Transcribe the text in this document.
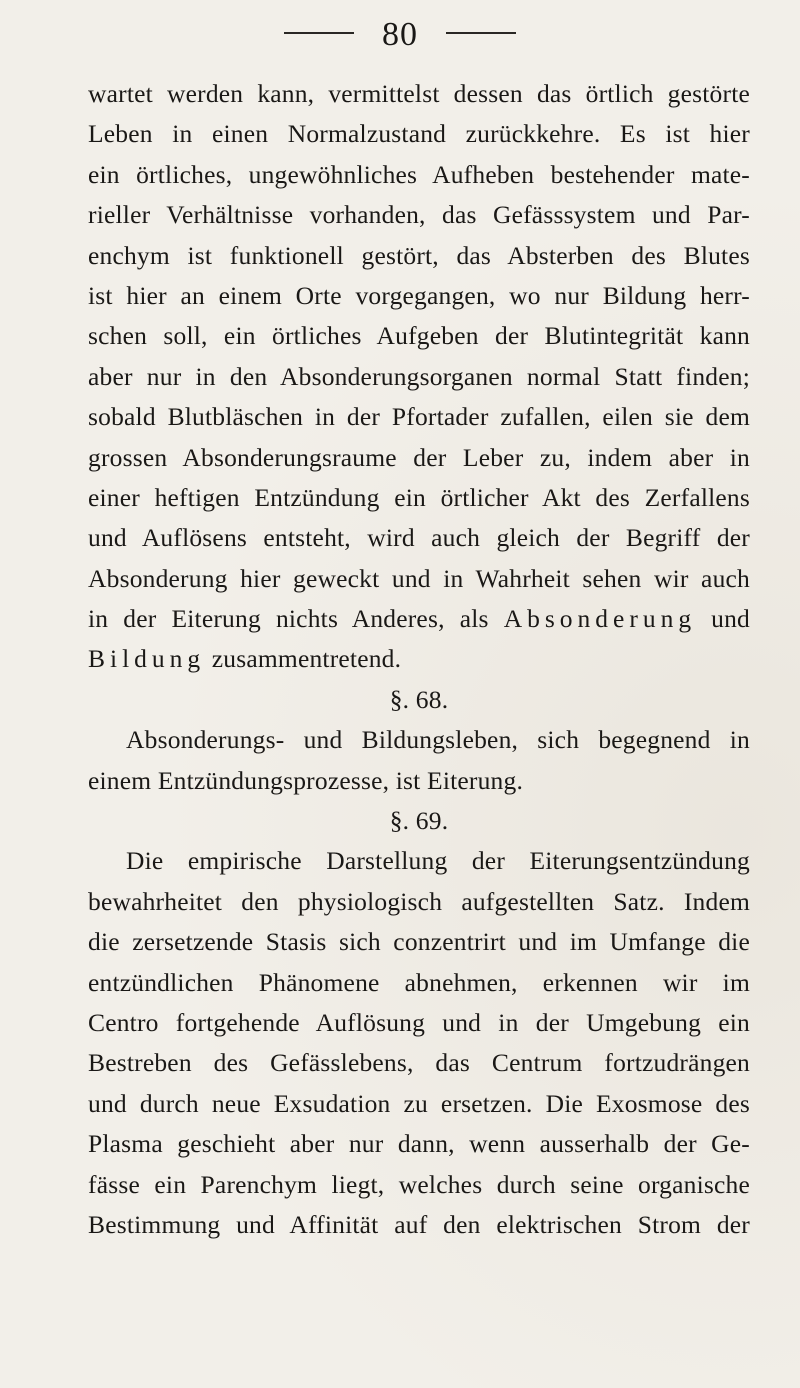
80
wartet werden kann, vermittelst dessen das örtlich gestörte
Leben in einen Normalzustand zurückkehre. Es ist hier
ein örtliches, ungewöhnliches Aufheben bestehender mate-
rieller Verhältnisse vorhanden, das Gefässsystem und Par-
enchym ist funktionell gestört, das Absterben des Blutes
ist hier an einem Orte vorgegangen, wo nur Bildung herr-
schen soll, ein örtliches Aufgeben der Blutintegrität kann
aber nur in den Absonderungsorganen normal Statt finden;
sobald Blutbläschen in der Pfortader zufallen, eilen sie dem
grossen Absonderungsraume der Leber zu, indem aber in
einer heftigen Entzündung ein örtlicher Akt des Zerfallens
und Auflösens entsteht, wird auch gleich der Begriff der
Absonderung hier geweckt und in Wahrheit sehen wir auch
in der Eiterung nichts Anderes, als Absonderung und
Bildung zusammentretend.
§. 68.
Absonderungs- und Bildungsleben, sich begegnend in
einem Entzündungsprozesse, ist Eiterung.
§. 69.
Die empirische Darstellung der Eiterungsentzündung
bewahrheitet den physiologisch aufgestellten Satz. Indem
die zersetzende Stasis sich conzentrirt und im Umfange die
entzündlichen Phänomene abnehmen, erkennen wir im
Centro fortgehende Auflösung und in der Umgebung ein
Bestreben des Gefässlebens, das Centrum fortzudrängen
und durch neue Exsudation zu ersetzen. Die Exosmose des
Plasma geschieht aber nur dann, wenn ausserhalb der Ge-
fässe ein Parenchym liegt, welches durch seine organische
Bestimmung und Affinität auf den elektrischen Strom der
